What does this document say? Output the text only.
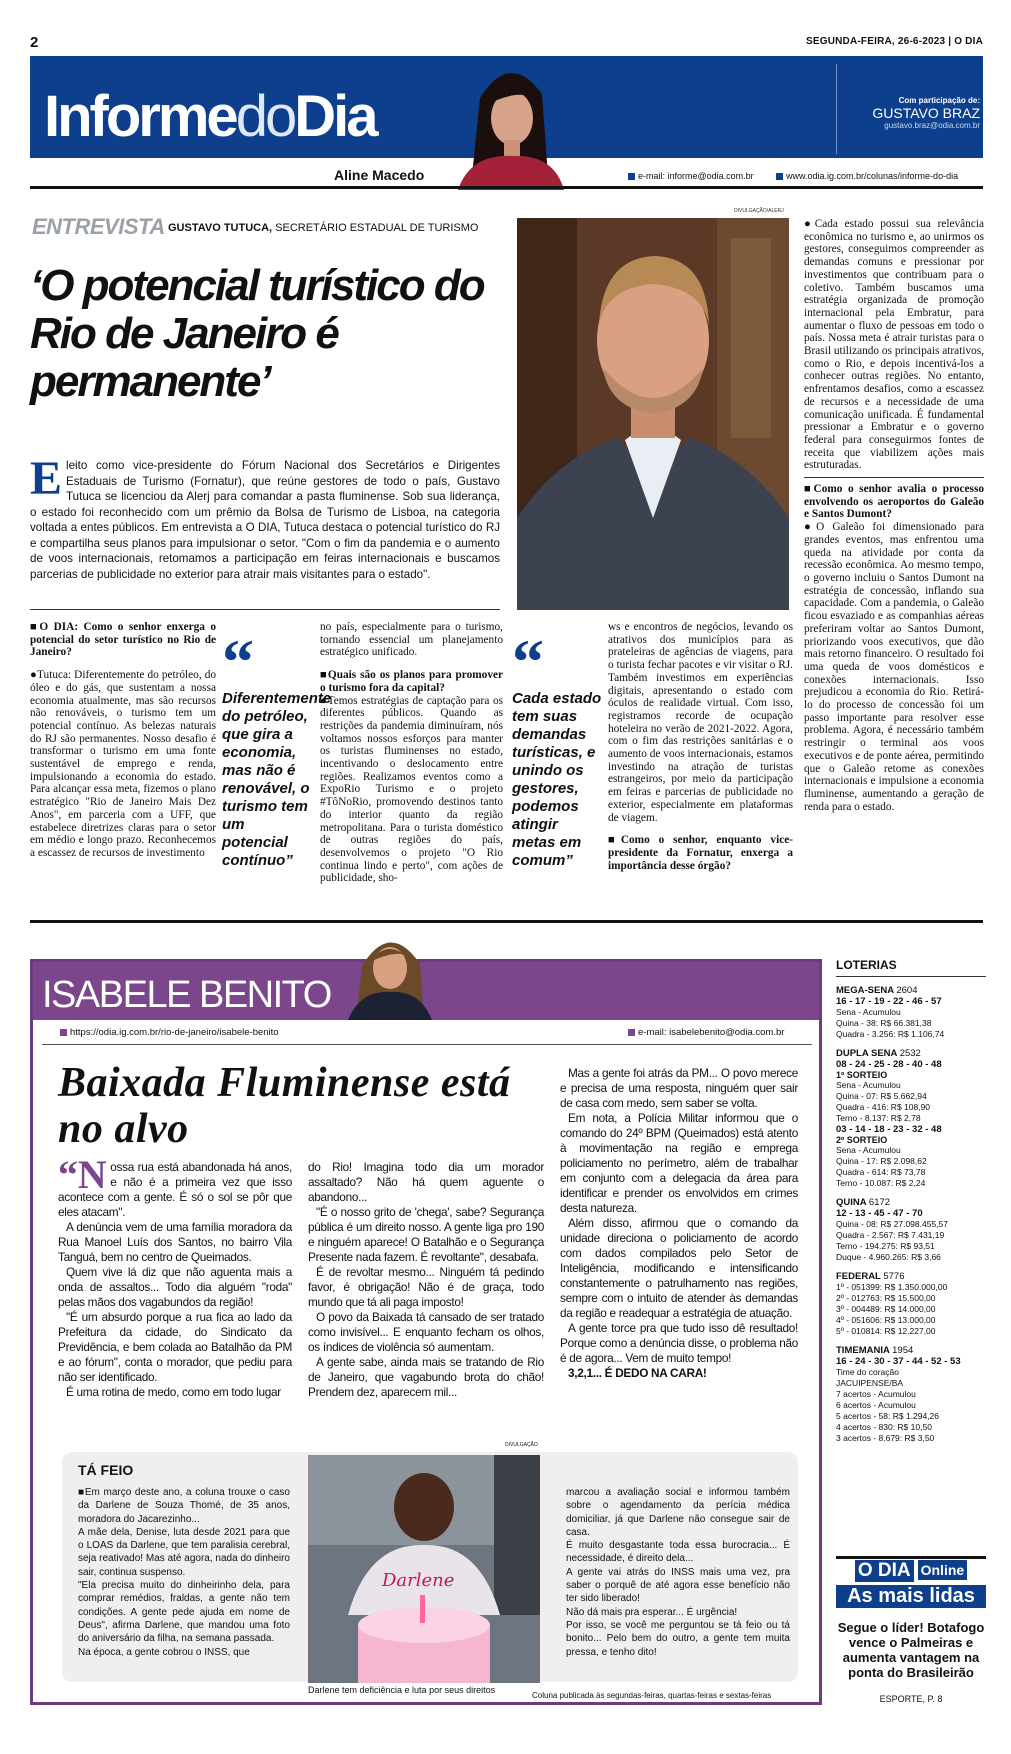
2	SEGUNDA-FEIRA, 26-6-2023 | O DIA
InformedoDia	Com participação de:
GUSTAVO BRAZ
gustavo.braz@odia.com.br
Aline Macedo	e-mail: informe@odia.com.br	www.odia.ig.com.br/colunas/informe-do-dia
ENTREVISTA GUSTAVO TUTUCA, SECRETÁRIO ESTADUAL DE TURISMO
‘O potencial turístico do Rio de Janeiro é permanente’
Eleito como vice-presidente do Fórum Nacional dos Secretários e Dirigentes Estaduais de Turismo (Fornatur), que reúne gestores de todo o país, Gustavo Tutuca se licenciou da Alerj para comandar a pasta fluminense. Sob sua liderança, o estado foi reconhecido com um prêmio da Bolsa de Turismo de Lisboa, na categoria voltada a entes públicos. Em entrevista a O DIA, Tutuca destaca o potencial turístico do RJ e compartilha seus planos para impulsionar o setor. "Com o fim da pandemia e o aumento de voos internacionais, retomamos a participação em feiras internacionais e buscamos parcerias de publicidade no exterior para atrair mais visitantes para o estado".
DIVULGAÇÃO/ALERJ

●Cada estado possui sua relevância econômica no turismo e, ao unirmos os gestores, conseguimos compreender as demandas comuns e pressionar por investimentos que contribuam para o coletivo. Também buscamos uma estratégia organizada de promoção internacional pela Embratur, para aumentar o fluxo de pessoas em todo o país. Nossa meta é atrair turistas para o Brasil utilizando os principais atrativos, como o Rio, e depois incentivá-los a conhecer outras regiões. No entanto, enfrentamos desafios, como a escassez de recursos e a necessidade de uma comunicação unificada. É fundamental pressionar a Embratur e o governo federal para conseguirmos fontes de receita que viabilizem ações mais estruturadas.

■Como o senhor avalia o processo envolvendo os aeroportos do Galeão e Santos Dumont?

●O Galeão foi dimensionado para grandes eventos, mas enfrentou uma queda na atividade por conta da recessão econômica. Ao mesmo tempo, o governo incluiu o Santos Dumont na estratégia de concessão, inflando sua capacidade. Com a pandemia, o Galeão ficou esvaziado e as companhias aéreas preferiram voltar ao Santos Dumont, priorizando voos executivos, que dão mais retorno financeiro. O resultado foi uma queda de voos domésticos e conexões internacionais. Isso prejudicou a economia do Rio. Retirá-lo do processo de concessão foi um passo importante para resolver esse problema. Agora, é necessário também restringir o terminal aos voos executivos e de ponte aérea, permitindo que o Galeão retome as conexões internacionais e impulsione a economia fluminense, aumentando a geração de renda para o estado.

■O DIA: Como o senhor enxerga o potencial do setor turístico no Rio de Janeiro?

●Tutuca: Diferentemente do petróleo, do óleo e do gás, que sustentam a nossa economia atualmente, mas são recursos não renováveis, o turismo tem um potencial contínuo. As belezas naturais do RJ são permanentes. Nosso desafio é transformar o turismo em uma fonte sustentável de emprego e renda, impulsionando a economia do estado. Para alcançar essa meta, fizemos o plano estratégico "Rio de Janeiro Mais Dez Anos", em parceria com a UFF, que estabelece diretrizes claras para o setor em médio e longo prazo. Reconhecemos a escassez de recursos de investimento

“
Diferentemente do petróleo, que gira a economia, mas não é renovável, o turismo tem um potencial contínuo”

no país, especialmente para o turismo, tornando essencial um planejamento estratégico unificado.

■Quais são os planos para promover o turismo fora da capital?

●Temos estratégias de captação para os diferentes públicos. Quando as restrições da pandemia diminuíram, nós voltamos nossos esforços para manter os turistas fluminenses no estado, incentivando o deslocamento entre regiões. Realizamos eventos como a ExpoRio Turismo e o projeto #TôNoRio, promovendo destinos tanto do interior quanto da região metropolitana. Para o turista doméstico de outras regiões do país, desenvolvemos o projeto "O Rio continua lindo e perto", com ações de publicidade, sho-

“
Cada estado tem suas demandas turísticas, e unindo os gestores, podemos atingir metas em comum”

ws e encontros de negócios, levando os atrativos dos municípios para as prateleiras de agências de viagens, para o turista fechar pacotes e vir visitar o RJ. Também investimos em experiências digitais, apresentando o estado com óculos de realidade virtual. Com isso, registramos recorde de ocupação hoteleira no verão de 2021-2022. Agora, com o fim das restrições sanitárias e o aumento de voos internacionais, estamos investindo na atração de turistas estrangeiros, por meio da participação em feiras e parcerias de publicidade no exterior, especialmente em plataformas de viagem.

■Como o senhor, enquanto vice-presidente da Fornatur, enxerga a importância desse órgão?

ISABELE BENITO
https://odia.ig.com.br/rio-de-janeiro/isabele-benito	e-mail: isabelebenito@odia.com.br
Baixada Fluminense está no alvo

“Nossa rua está abandonada há anos, e não é a primeira vez que isso acontece com a gente. É só o sol se pôr que eles atacam".

A denúncia vem de uma família moradora da Rua Manoel Luís dos Santos, no bairro Vila Tanguá, bem no centro de Queimados.

Quem vive lá diz que não aguenta mais a onda de assaltos... Todo dia alguém "roda" pelas mãos dos vagabundos da região!

"É um absurdo porque a rua fica ao lado da Prefeitura da cidade, do Sindicato da Previdência, e bem colada ao Batalhão da PM e ao fórum", conta o morador, que pediu para não ser identificado.

É uma rotina de medo, como em todo lugar

do Rio! Imagina todo dia um morador assaltado? Não há quem aguente o abandono...

"É o nosso grito de 'chega', sabe? Segurança pública é um direito nosso. A gente liga pro 190 e ninguém aparece! O Batalhão e o Segurança Presente nada fazem. É revoltante", desabafa.

É de revoltar mesmo... Ninguém tá pedindo favor, é obrigação! Não é de graça, todo mundo que tá ali paga imposto!

O povo da Baixada tá cansado de ser tratado como invisível... E enquanto fecham os olhos, os índices de violência só aumentam.

A gente sabe, ainda mais se tratando de Rio de Janeiro, que vagabundo brota do chão! Prendem dez, aparecem mil...

Mas a gente foi atrás da PM... O povo merece e precisa de uma resposta, ninguém quer sair de casa com medo, sem saber se volta.

Em nota, a Polícia Militar informou que o comando do 24º BPM (Queimados) está atento à movimentação na região e emprega policiamento no perímetro, além de trabalhar em conjunto com a delegacia da área para identificar e prender os envolvidos em crimes desta natureza.

Além disso, afirmou que o comando da unidade direciona o policiamento de acordo com dados compilados pelo Setor de Inteligência, modificando e intensificando constantemente o patrulhamento nas regiões, sempre com o intuito de atender às demandas da região e readequar a estratégia de atuação.

A gente torce pra que tudo isso dê resultado! Porque como a denúncia disse, o problema não é de agora... Vem de muito tempo!

3,2,1... É DEDO NA CARA!

TÁ FEIO
■Em março deste ano, a coluna trouxe o caso da Darlene de Souza Thomé, de 35 anos, moradora do Jacarezinho...
A mãe dela, Denise, luta desde 2021 para que o LOAS da Darlene, que tem paralisia cerebral, seja reativado! Mas até agora, nada do dinheiro sair, continua suspenso.
"Ela precisa muito do dinheirinho dela, para comprar remédios, fraldas, a gente não tem condições. A gente pede ajuda em nome de Deus", afirma Darlene, que mandou uma foto do aniversário da filha, na semana passada.
Na época, a gente cobrou o INSS, que
DIVULGAÇÃO
Darlene
Darlene tem deficiência e luta por seus direitos
marcou a avaliação social e informou também sobre o agendamento da perícia médica domiciliar, já que Darlene não consegue sair de casa.
É muito desgastante toda essa burocracia... É necessidade, é direito dela...
A gente vai atrás do INSS mais uma vez, pra saber o porquê de até agora esse benefício não ter sido liberado!
Não dá mais pra esperar... É urgência!
Por isso, se você me perguntou se tá feio ou tá bonito... Pelo bem do outro, a gente tem muita pressa, e tenho dito!
Coluna publicada às segundas-feiras, quartas-feiras e sextas-feiras
LOTERIAS
MEGA-SENA 2604
16 - 17 - 19 - 22 - 46 - 57
Sena - Acumulou
Quina - 38: R$ 66.381,38
Quadra - 3.256: R$ 1.106,74
DUPLA SENA 2532
08 - 24 - 25 - 28 - 40 - 48
1º SORTEIO
Sena - Acumulou
Quina - 07: R$ 5.662,94
Quadra - 416: R$ 108,90
Terno - 8.137: R$ 2,78
03 - 14 - 18 - 23 - 32 - 48
2º SORTEIO
Sena - Acumulou
Quina - 17: R$ 2.098,62
Quadra - 614: R$ 73,78
Terno - 10.087: R$ 2,24
QUINA 6172
12 - 13 - 45 - 47 - 70
Quina - 08: R$ 27.098.455,57
Quadra - 2.567: R$ 7.431,19
Terno - 194.275: R$ 93,51
Duque - 4.960.265: R$ 3,66
FEDERAL 5776
1º - 051399: R$ 1.350.000,00
2º - 012763: R$ 15.500,00
3º - 004489: R$ 14.000,00
4º - 051606: R$ 13.000,00
5º - 010814: R$ 12.227,00
TIMEMANIA 1954
16 - 24 - 30 - 37 - 44 - 52 - 53
Time do coração
JACUIPENSE/BA
7 acertos - Acumulou
6 acertos - Acumulou
5 acertos - 58: R$ 1.294,26
4 acertos - 830: R$ 10,50
3 acertos - 8.679: R$ 3,50
O DIA Online
As mais lidas
Segue o líder! Botafogo vence o Palmeiras e aumenta vantagem na ponta do Brasileirão
ESPORTE, P. 8
